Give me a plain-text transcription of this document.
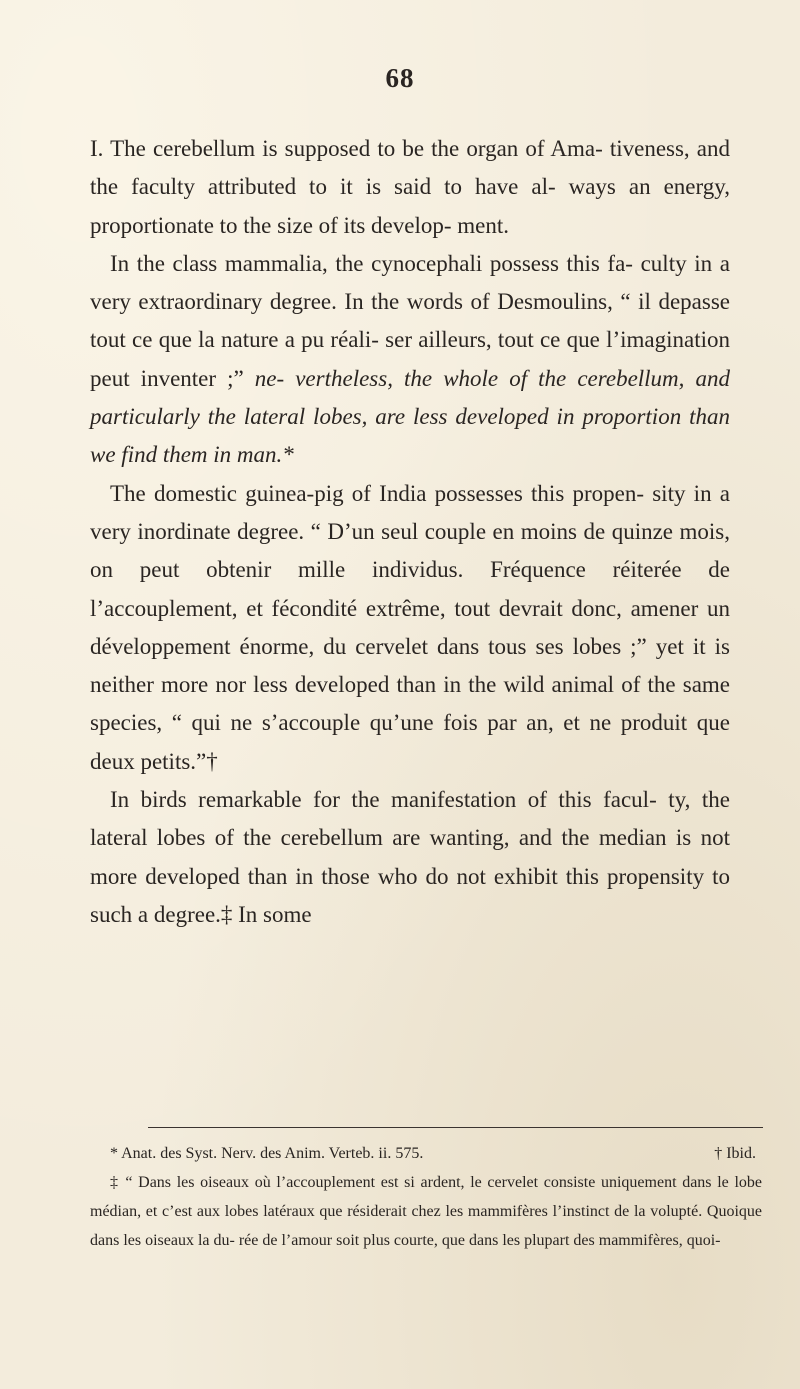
68

I. The cerebellum is supposed to be the organ of Ama- tiveness, and the faculty attributed to it is said to have al- ways an energy, proportionate to the size of its develop- ment.

In the class mammalia, the cynocephali possess this fa- culty in a very extraordinary degree. In the words of Desmoulins, “ il depasse tout ce que la nature a pu réali- ser ailleurs, tout ce que l’imagination peut inventer ;” ne- vertheless, the whole of the cerebellum, and particularly the lateral lobes, are less developed in proportion than we find them in man.*

The domestic guinea-pig of India possesses this propen- sity in a very inordinate degree. “ D’un seul couple en moins de quinze mois, on peut obtenir mille individus. Fréquence réiterée de l’accouplement, et fécondité extrême, tout devrait donc, amener un développement énorme, du cervelet dans tous ses lobes ;” yet it is neither more nor less developed than in the wild animal of the same species, “ qui ne s’accouple qu’une fois par an, et ne produit que deux petits.”†

In birds remarkable for the manifestation of this facul- ty, the lateral lobes of the cerebellum are wanting, and the median is not more developed than in those who do not exhibit this propensity to such a degree.‡ In some

* Anat. des Syst. Nerv. des Anim. Verteb. ii. 575.	† Ibid.

‡ “ Dans les oiseaux où l’accouplement est si ardent, le cervelet consiste uniquement dans le lobe médian, et c’est aux lobes latéraux que résiderait chez les mammifères l’instinct de la volupté. Quoique dans les oiseaux la du- rée de l’amour soit plus courte, que dans les plupart des mammifères, quoi-
